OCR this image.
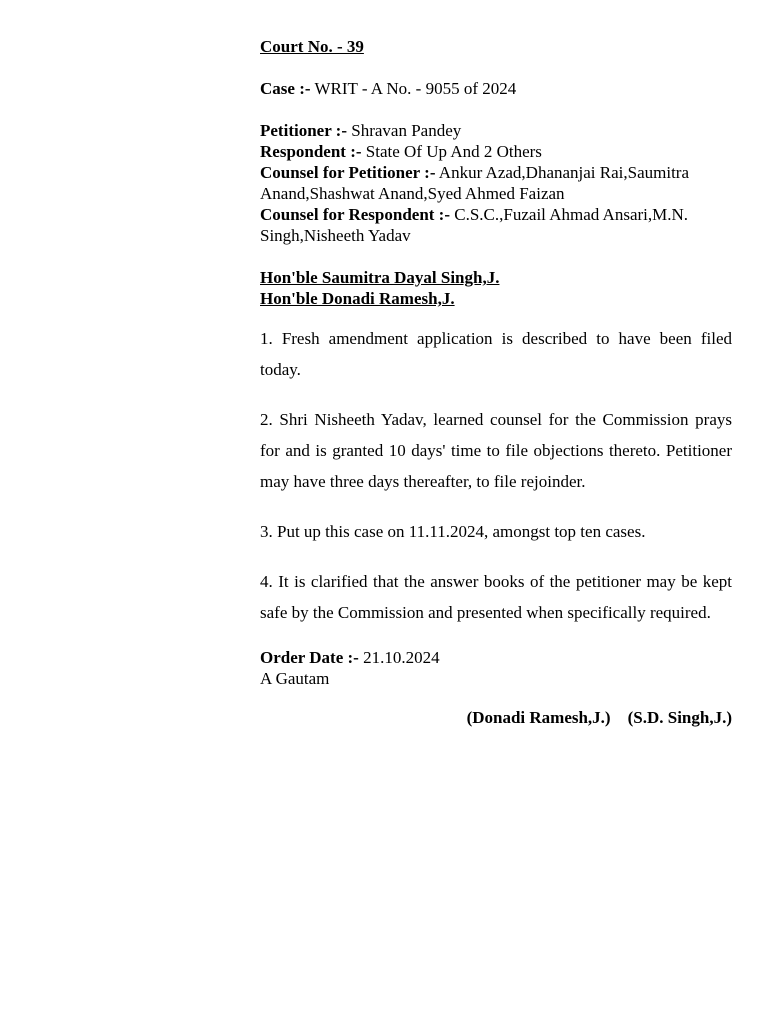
Court No. - 39
Case :- WRIT - A No. - 9055 of 2024
Petitioner :- Shravan Pandey
Respondent :- State Of Up And 2 Others
Counsel for Petitioner :- Ankur Azad,Dhananjai Rai,Saumitra Anand,Shashwat Anand,Syed Ahmed Faizan
Counsel for Respondent :- C.S.C.,Fuzail Ahmad Ansari,M.N. Singh,Nisheeth Yadav
Hon'ble Saumitra Dayal Singh,J.
Hon'ble Donadi Ramesh,J.

1. Fresh amendment application is described to have been filed today.

2. Shri Nisheeth Yadav, learned counsel for the Commission prays for and is granted 10 days' time to file objections thereto. Petitioner may have three days thereafter, to file rejoinder.

3. Put up this case on 11.11.2024, amongst top ten cases.

4. It is clarified that the answer books of the petitioner may be kept safe by the Commission and presented when specifically required.

Order Date :- 21.10.2024
A Gautam
(Donadi Ramesh,J.) (S.D. Singh,J.)
